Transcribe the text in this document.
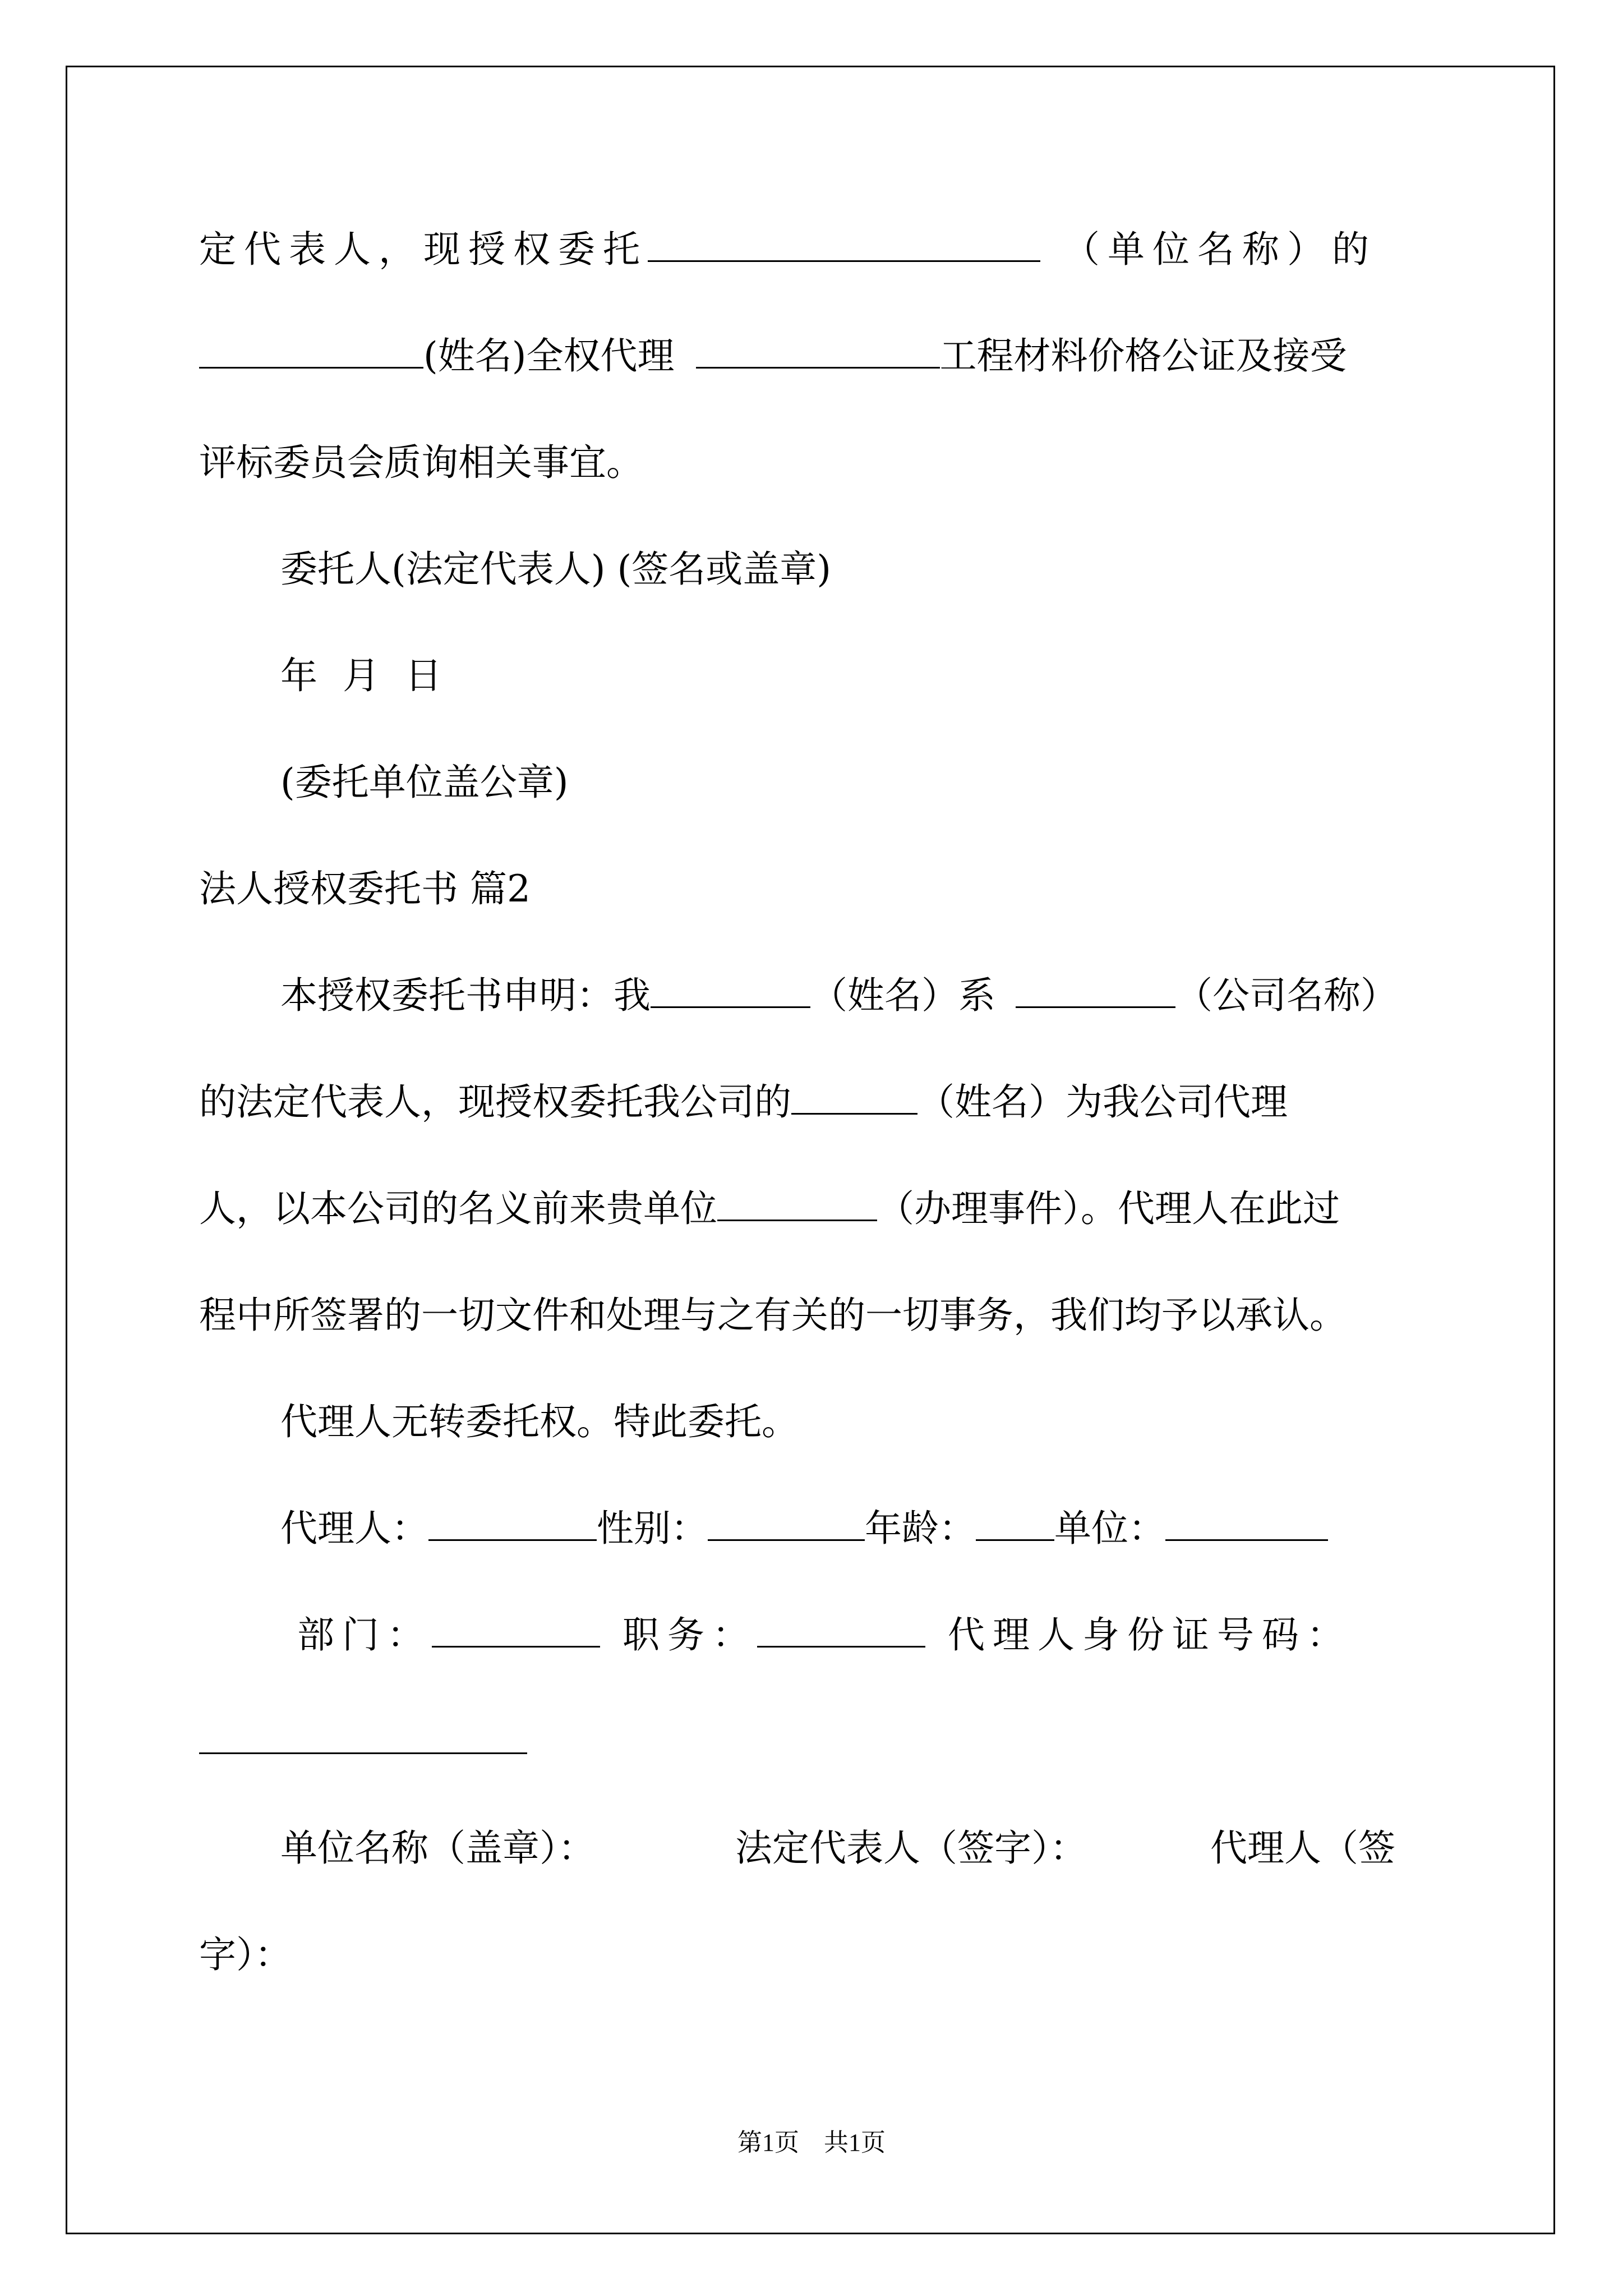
定代表人，现授权委托	（单位名称）的
(姓名)全权代理	工程材料价格公证及接受
评标委员会质询相关事宜。
委托人(法定代表人) (签名或盖章)
年 月 日
(委托单位盖公章)
法人授权委托书 篇2
本授权委托书申明：我	（姓名）系	（公司名称）
的法定代表人，现授权委托我公司的	（姓名）为我公司代理
人，以本公司的名义前来贵单位	（办理事件）。代理人在此过
程中所签署的一切文件和处理与之有关的一切事务，我们均予以承认。
代理人无转委托权。特此委托。
代理人：	性别：	年龄： 单位：
部门：	职务：	代理人身份证号码：
单位名称（盖章）：	法定代表人（签字）：	代理人（签
字）：
第1页　共1页
